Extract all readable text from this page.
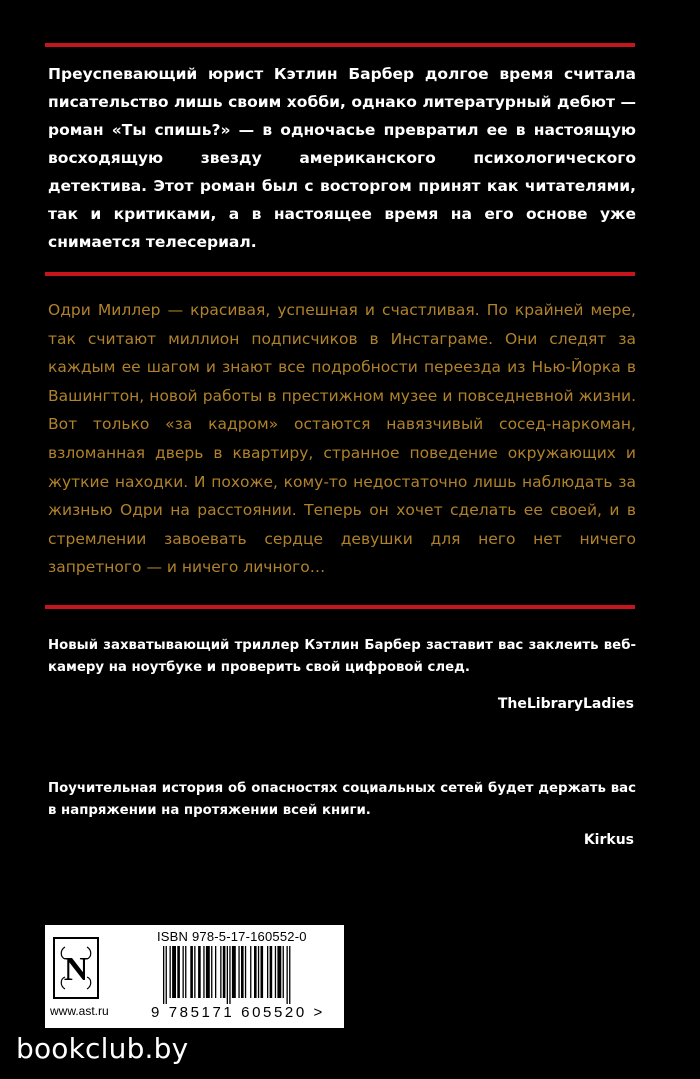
Преуспевающий юрист Кэтлин Барбер долгое время считала писательство лишь своим хобби, однако литературный дебют — роман «Ты спишь?» — в одночасье превратил ее в настоящую восходящую звезду американского психологического детектива. Этот роман был с восторгом принят как читателями, так и критиками, а в настоящее время на его основе уже снимается телесериал.

Одри Миллер — красивая, успешная и счастливая. По крайней мере, так считают миллион подписчиков в Инстаграме. Они следят за каждым ее шагом и знают все подробности переезда из Нью-Йорка в Вашингтон, новой работы в престижном музее и повседневной жизни. Вот только «за кадром» остаются навязчивый сосед-наркоман, взломанная дверь в квартиру, странное поведение окружающих и жуткие находки. И похоже, кому-то недостаточно лишь наблюдать за жизнью Одри на расстоянии. Теперь он хочет сделать ее своей, и в стремлении завоевать сердце девушки для него нет ничего запретного — и ничего личного…

Новый захватывающий триллер Кэтлин Барбер заставит вас заклеить веб-камеру на ноутбуке и проверить свой цифровой след.

TheLibraryLadies

Поучительная история об опасностях социальных сетей будет держать вас в напряжении на протяжении всей книги.

Kirkus
N
www.ast.ru
ISBN 978-5-17-160552-0
9 785171 605520 >
bookclub.by
